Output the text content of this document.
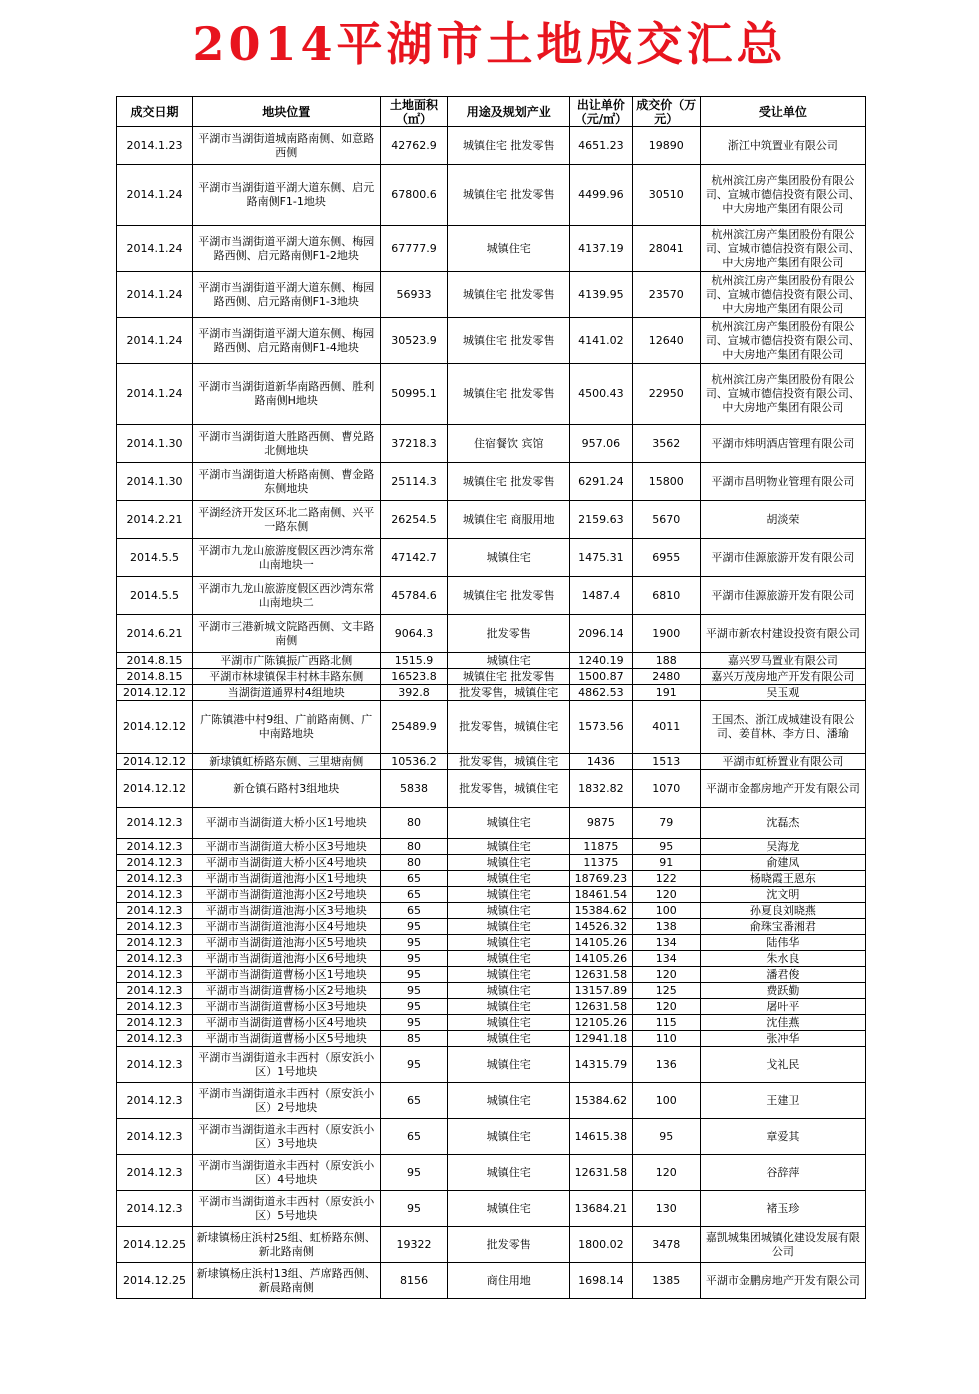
2014平湖市土地成交汇总
成交日期	地块位置	土地面积（㎡）	用途及规划产业	出让单价（元/㎡）	成交价（万元）	受让单位
2014.1.23	平湖市当湖街道城南路南侧、如意路西侧	42762.9	城镇住宅 批发零售	4651.23	19890	浙江中筑置业有限公司
2014.1.24	平湖市当湖街道平湖大道东侧、启元路南侧F1-1地块	67800.6	城镇住宅 批发零售	4499.96	30510	杭州滨江房产集团股份有限公司、宣城市德信投资有限公司、中大房地产集团有限公司
2014.1.24	平湖市当湖街道平湖大道东侧、梅园路西侧、启元路南侧F1-2地块	67777.9	城镇住宅	4137.19	28041	杭州滨江房产集团股份有限公司、宣城市德信投资有限公司、中大房地产集团有限公司
2014.1.24	平湖市当湖街道平湖大道东侧、梅园路西侧、启元路南侧F1-3地块	56933	城镇住宅 批发零售	4139.95	23570	杭州滨江房产集团股份有限公司、宣城市德信投资有限公司、中大房地产集团有限公司
2014.1.24	平湖市当湖街道平湖大道东侧、梅园路西侧、启元路南侧F1-4地块	30523.9	城镇住宅 批发零售	4141.02	12640	杭州滨江房产集团股份有限公司、宣城市德信投资有限公司、中大房地产集团有限公司
2014.1.24	平湖市当湖街道新华南路西侧、胜利路南侧H地块	50995.1	城镇住宅 批发零售	4500.43	22950	杭州滨江房产集团股份有限公司、宣城市德信投资有限公司、中大房地产集团有限公司
2014.1.30	平湖市当湖街道大胜路西侧、曹兑路北侧地块	37218.3	住宿餐饮 宾馆	957.06	3562	平湖市炜明酒店管理有限公司
2014.1.30	平湖市当湖街道大桥路南侧、曹金路东侧地块	25114.3	城镇住宅 批发零售	6291.24	15800	平湖市昌明物业管理有限公司
2014.2.21	平湖经济开发区环北二路南侧、兴平一路东侧	26254.5	城镇住宅 商服用地	2159.63	5670	胡淡荣
2014.5.5	平湖市九龙山旅游度假区西沙湾东常山南地块一	47142.7	城镇住宅	1475.31	6955	平湖市佳源旅游开发有限公司
2014.5.5	平湖市九龙山旅游度假区西沙湾东常山南地块二	45784.6	城镇住宅 批发零售	1487.4	6810	平湖市佳源旅游开发有限公司
2014.6.21	平湖市三港新城文院路西侧、文丰路南侧	9064.3	批发零售	2096.14	1900	平湖市新农村建设投资有限公司
2014.8.15	平湖市广陈镇振广西路北侧	1515.9	城镇住宅	1240.19	188	嘉兴罗马置业有限公司
2014.8.15	平湖市林埭镇保丰村林丰路东侧	16523.8	城镇住宅 批发零售	1500.87	2480	嘉兴万茂房地产开发有限公司
2014.12.12	当湖街道通界村4组地块	392.8	批发零售，城镇住宅	4862.53	191	吴玉观
2014.12.12	广陈镇港中村9组、广前路南侧、广中南路地块	25489.9	批发零售，城镇住宅	1573.56	4011	王国杰、浙江成城建设有限公司、姜苜林、李方日、潘瑜
2014.12.12	新埭镇虹桥路东侧、三里塘南侧	10536.2	批发零售，城镇住宅	1436	1513	平湖市虹桥置业有限公司
2014.12.12	新仓镇石路村3组地块	5838	批发零售，城镇住宅	1832.82	1070	平湖市金都房地产开发有限公司
2014.12.3	平湖市当湖街道大桥小区1号地块	80	城镇住宅	9875	79	沈磊杰
2014.12.3	平湖市当湖街道大桥小区3号地块	80	城镇住宅	11875	95	吴海龙
2014.12.3	平湖市当湖街道大桥小区4号地块	80	城镇住宅	11375	91	俞建凤
2014.12.3	平湖市当湖街道池海小区1号地块	65	城镇住宅	18769.23	122	杨晓霞王恩东
2014.12.3	平湖市当湖街道池海小区2号地块	65	城镇住宅	18461.54	120	沈文明
2014.12.3	平湖市当湖街道池海小区3号地块	65	城镇住宅	15384.62	100	孙夏良刘晓燕
2014.12.3	平湖市当湖街道池海小区4号地块	95	城镇住宅	14526.32	138	俞珠宝番湘君
2014.12.3	平湖市当湖街道池海小区5号地块	95	城镇住宅	14105.26	134	陆伟华
2014.12.3	平湖市当湖街道池海小区6号地块	95	城镇住宅	14105.26	134	朱水良
2014.12.3	平湖市当湖街道曹杨小区1号地块	95	城镇住宅	12631.58	120	潘君俊
2014.12.3	平湖市当湖街道曹杨小区2号地块	95	城镇住宅	13157.89	125	费跃勤
2014.12.3	平湖市当湖街道曹杨小区3号地块	95	城镇住宅	12631.58	120	屠叶平
2014.12.3	平湖市当湖街道曹杨小区4号地块	95	城镇住宅	12105.26	115	沈佳燕
2014.12.3	平湖市当湖街道曹杨小区5号地块	85	城镇住宅	12941.18	110	张冲华
2014.12.3	平湖市当湖街道永丰西村（原安浜小区）1号地块	95	城镇住宅	14315.79	136	戈礼民
2014.12.3	平湖市当湖街道永丰西村（原安浜小区）2号地块	65	城镇住宅	15384.62	100	王建卫
2014.12.3	平湖市当湖街道永丰西村（原安浜小区）3号地块	65	城镇住宅	14615.38	95	章爱其
2014.12.3	平湖市当湖街道永丰西村（原安浜小区）4号地块	95	城镇住宅	12631.58	120	谷辞萍
2014.12.3	平湖市当湖街道永丰西村（原安浜小区）5号地块	95	城镇住宅	13684.21	130	褚玉珍
2014.12.25	新埭镇杨庄浜村25组、虹桥路东侧、新北路南侧	19322	批发零售	1800.02	3478	嘉凯城集团城镇化建设发展有限公司
2014.12.25	新埭镇杨庄浜村13组、芦席路西侧、新晨路南侧	8156	商住用地	1698.14	1385	平湖市金鹏房地产开发有限公司
